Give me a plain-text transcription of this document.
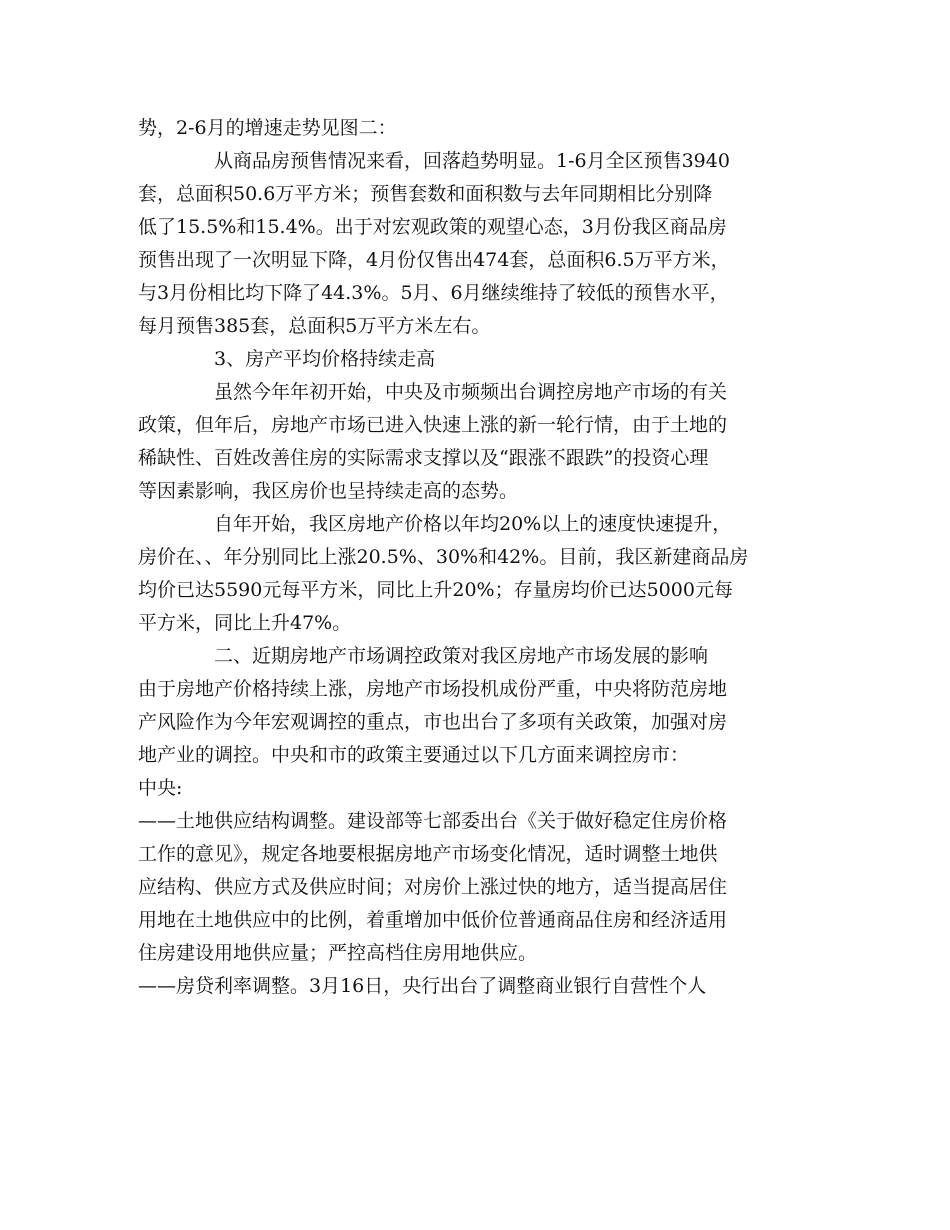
势，2-6月的增速走势见图二：
从商品房预售情况来看，回落趋势明显。1-6月全区预售3940
套，总面积50.6万平方米；预售套数和面积数与去年同期相比分别降
低了15.5%和15.4%。出于对宏观政策的观望心态，3月份我区商品房
预售出现了一次明显下降，4月份仅售出474套，总面积6.5万平方米，
与3月份相比均下降了44.3%。5月、6月继续维持了较低的预售水平，
每月预售385套，总面积5万平方米左右。
3、房产平均价格持续走高
虽然今年年初开始，中央及市频频出台调控房地产市场的有关
政策，但年后，房地产市场已进入快速上涨的新一轮行情，由于土地的
稀缺性、百姓改善住房的实际需求支撑以及“跟涨不跟跌”的投资心理
等因素影响，我区房价也呈持续走高的态势。
自年开始，我区房地产价格以年均20%以上的速度快速提升，
房价在、、年分别同比上涨20.5%、30%和42%。目前，我区新建商品房
均价已达5590元每平方米，同比上升20%；存量房均价已达5000元每
平方米，同比上升47%。
二、近期房地产市场调控政策对我区房地产市场发展的影响
由于房地产价格持续上涨，房地产市场投机成份严重，中央将防范房地
产风险作为今年宏观调控的重点，市也出台了多项有关政策，加强对房
地产业的调控。中央和市的政策主要通过以下几方面来调控房市：
中央:
——土地供应结构调整。建设部等七部委出台《关于做好稳定住房价格
工作的意见》，规定各地要根据房地产市场变化情况，适时调整土地供
应结构、供应方式及供应时间；对房价上涨过快的地方，适当提高居住
用地在土地供应中的比例，着重增加中低价位普通商品住房和经济适用
住房建设用地供应量；严控高档住房用地供应。
——房贷利率调整。3月16日，央行出台了调整商业银行自营性个人
